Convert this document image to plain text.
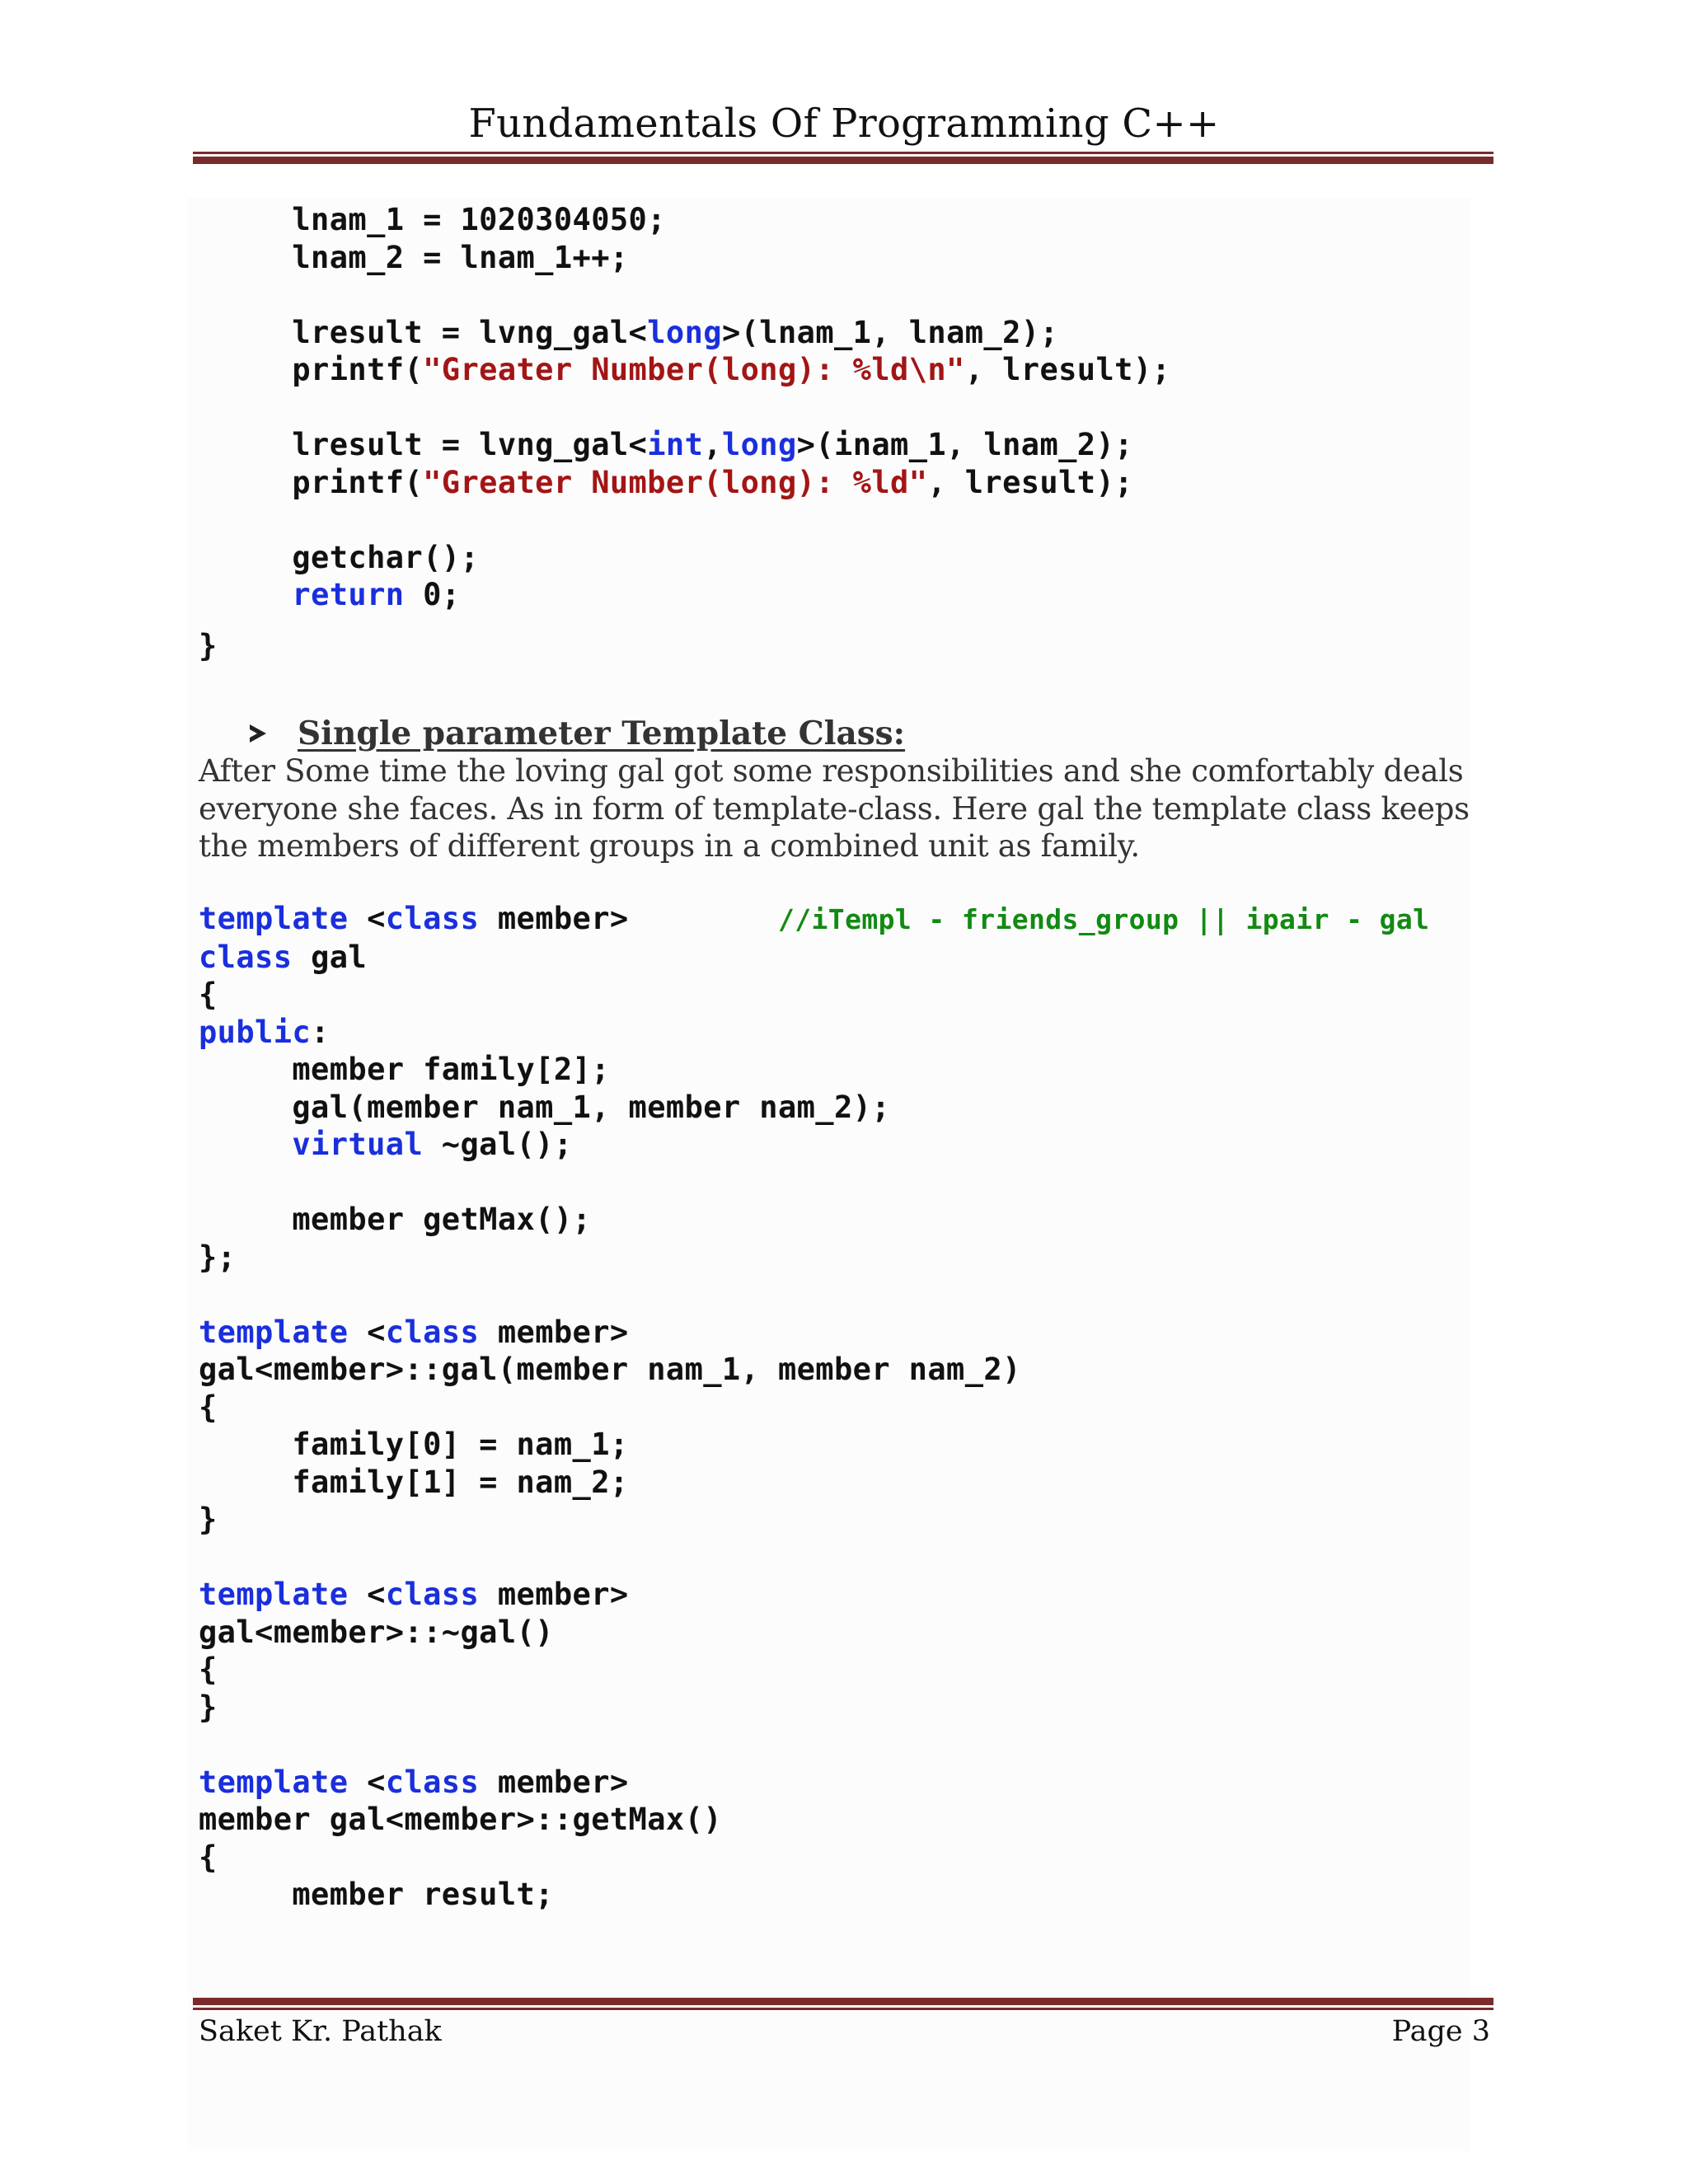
Fundamentals Of Programming C++
lnam_1 = 1020304050;
lnam_2 = lnam_1++;

lresult = lvng_gal<long>(lnam_1, lnam_2);
printf("Greater Number(long): %ld\n", lresult);

lresult = lvng_gal<int,long>(inam_1, lnam_2);
printf("Greater Number(long): %ld", lresult);

getchar();
return 0;
}
Single parameter Template Class:

After Some time the loving gal got some responsibilities and she comfortably deals everyone she faces. As in form of template-class. Here gal the template class keeps the members of different groups in a combined unit as family.

template <class member>        //iTempl - friends_group || ipair - gal
class gal
{
public:
member family[2];
gal(member nam_1, member nam_2);
virtual ~gal();

member getMax();
};

template <class member>
gal<member>::gal(member nam_1, member nam_2)
{
family[0] = nam_1;
family[1] = nam_2;
}

template <class member>
gal<member>::~gal()
{
}

template <class member>
member gal<member>::getMax()
{
member result;
Saket Kr. Pathak	Page 3
